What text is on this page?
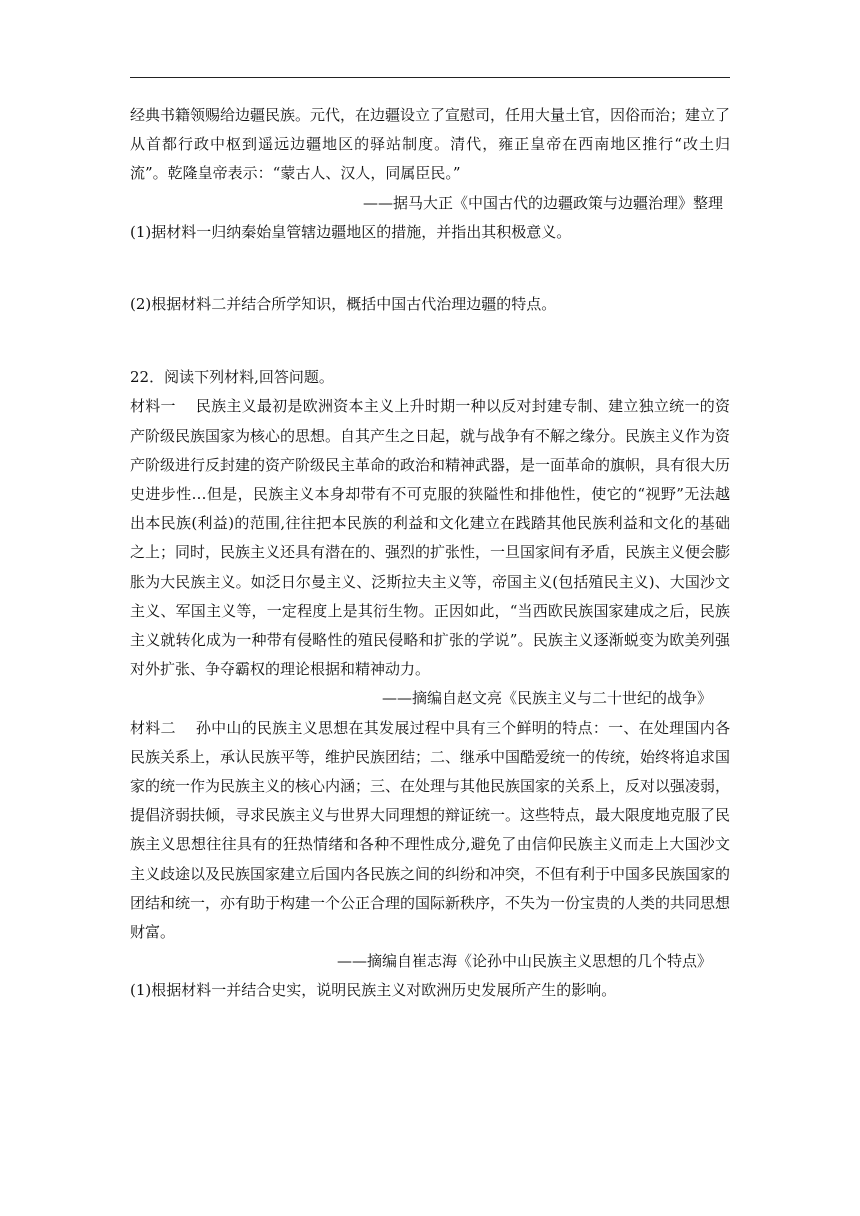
经典书籍领赐给边疆民族。元代，在边疆设立了宣慰司，任用大量土官，因俗而治；建立了从首都行政中枢到遥远边疆地区的驿站制度。清代，雍正皇帝在西南地区推行“改土归流”。乾隆皇帝表示：“蒙古人、汉人，同属臣民。”

——据马大正《中国古代的边疆政策与边疆治理》整理

(1)据材料一归纳秦始皇管辖边疆地区的措施，并指出其积极意义。

(2)根据材料二并结合所学知识，概括中国古代治理边疆的特点。

22．阅读下列材料,回答问题。

材料一 民族主义最初是欧洲资本主义上升时期一种以反对封建专制、建立独立统一的资产阶级民族国家为核心的思想。自其产生之日起，就与战争有不解之缘分。民族主义作为资产阶级进行反封建的资产阶级民主革命的政治和精神武器，是一面革命的旗帜，具有很大历史进步性…但是，民族主义本身却带有不可克服的狭隘性和排他性，使它的“视野”无法越出本民族(利益)的范围,往往把本民族的利益和文化建立在践踏其他民族利益和文化的基础之上；同时，民族主义还具有潜在的、强烈的扩张性，一旦国家间有矛盾，民族主义便会膨胀为大民族主义。如泛日尔曼主义、泛斯拉夫主义等，帝国主义(包括殖民主义)、大国沙文主义、军国主义等，一定程度上是其衍生物。正因如此，“当西欧民族国家建成之后，民族主义就转化成为一种带有侵略性的殖民侵略和扩张的学说”。民族主义逐渐蜕变为欧美列强对外扩张、争夺霸权的理论根据和精神动力。

——摘编自赵文亮《民族主义与二十世纪的战争》

材料二 孙中山的民族主义思想在其发展过程中具有三个鲜明的特点：一、在处理国内各民族关系上，承认民族平等，维护民族团结；二、继承中国酷爱统一的传统，始终将追求国家的统一作为民族主义的核心内涵；三、在处理与其他民族国家的关系上，反对以强凌弱，提倡济弱扶倾，寻求民族主义与世界大同理想的辩证统一。这些特点，最大限度地克服了民族主义思想往往具有的狂热情绪和各种不理性成分,避免了由信仰民族主义而走上大国沙文主义歧途以及民族国家建立后国内各民族之间的纠纷和冲突，不但有利于中国多民族国家的团结和统一，亦有助于构建一个公正合理的国际新秩序，不失为一份宝贵的人类的共同思想财富。

——摘编自崔志海《论孙中山民族主义思想的几个特点》

(1)根据材料一并结合史实，说明民族主义对欧洲历史发展所产生的影响。
